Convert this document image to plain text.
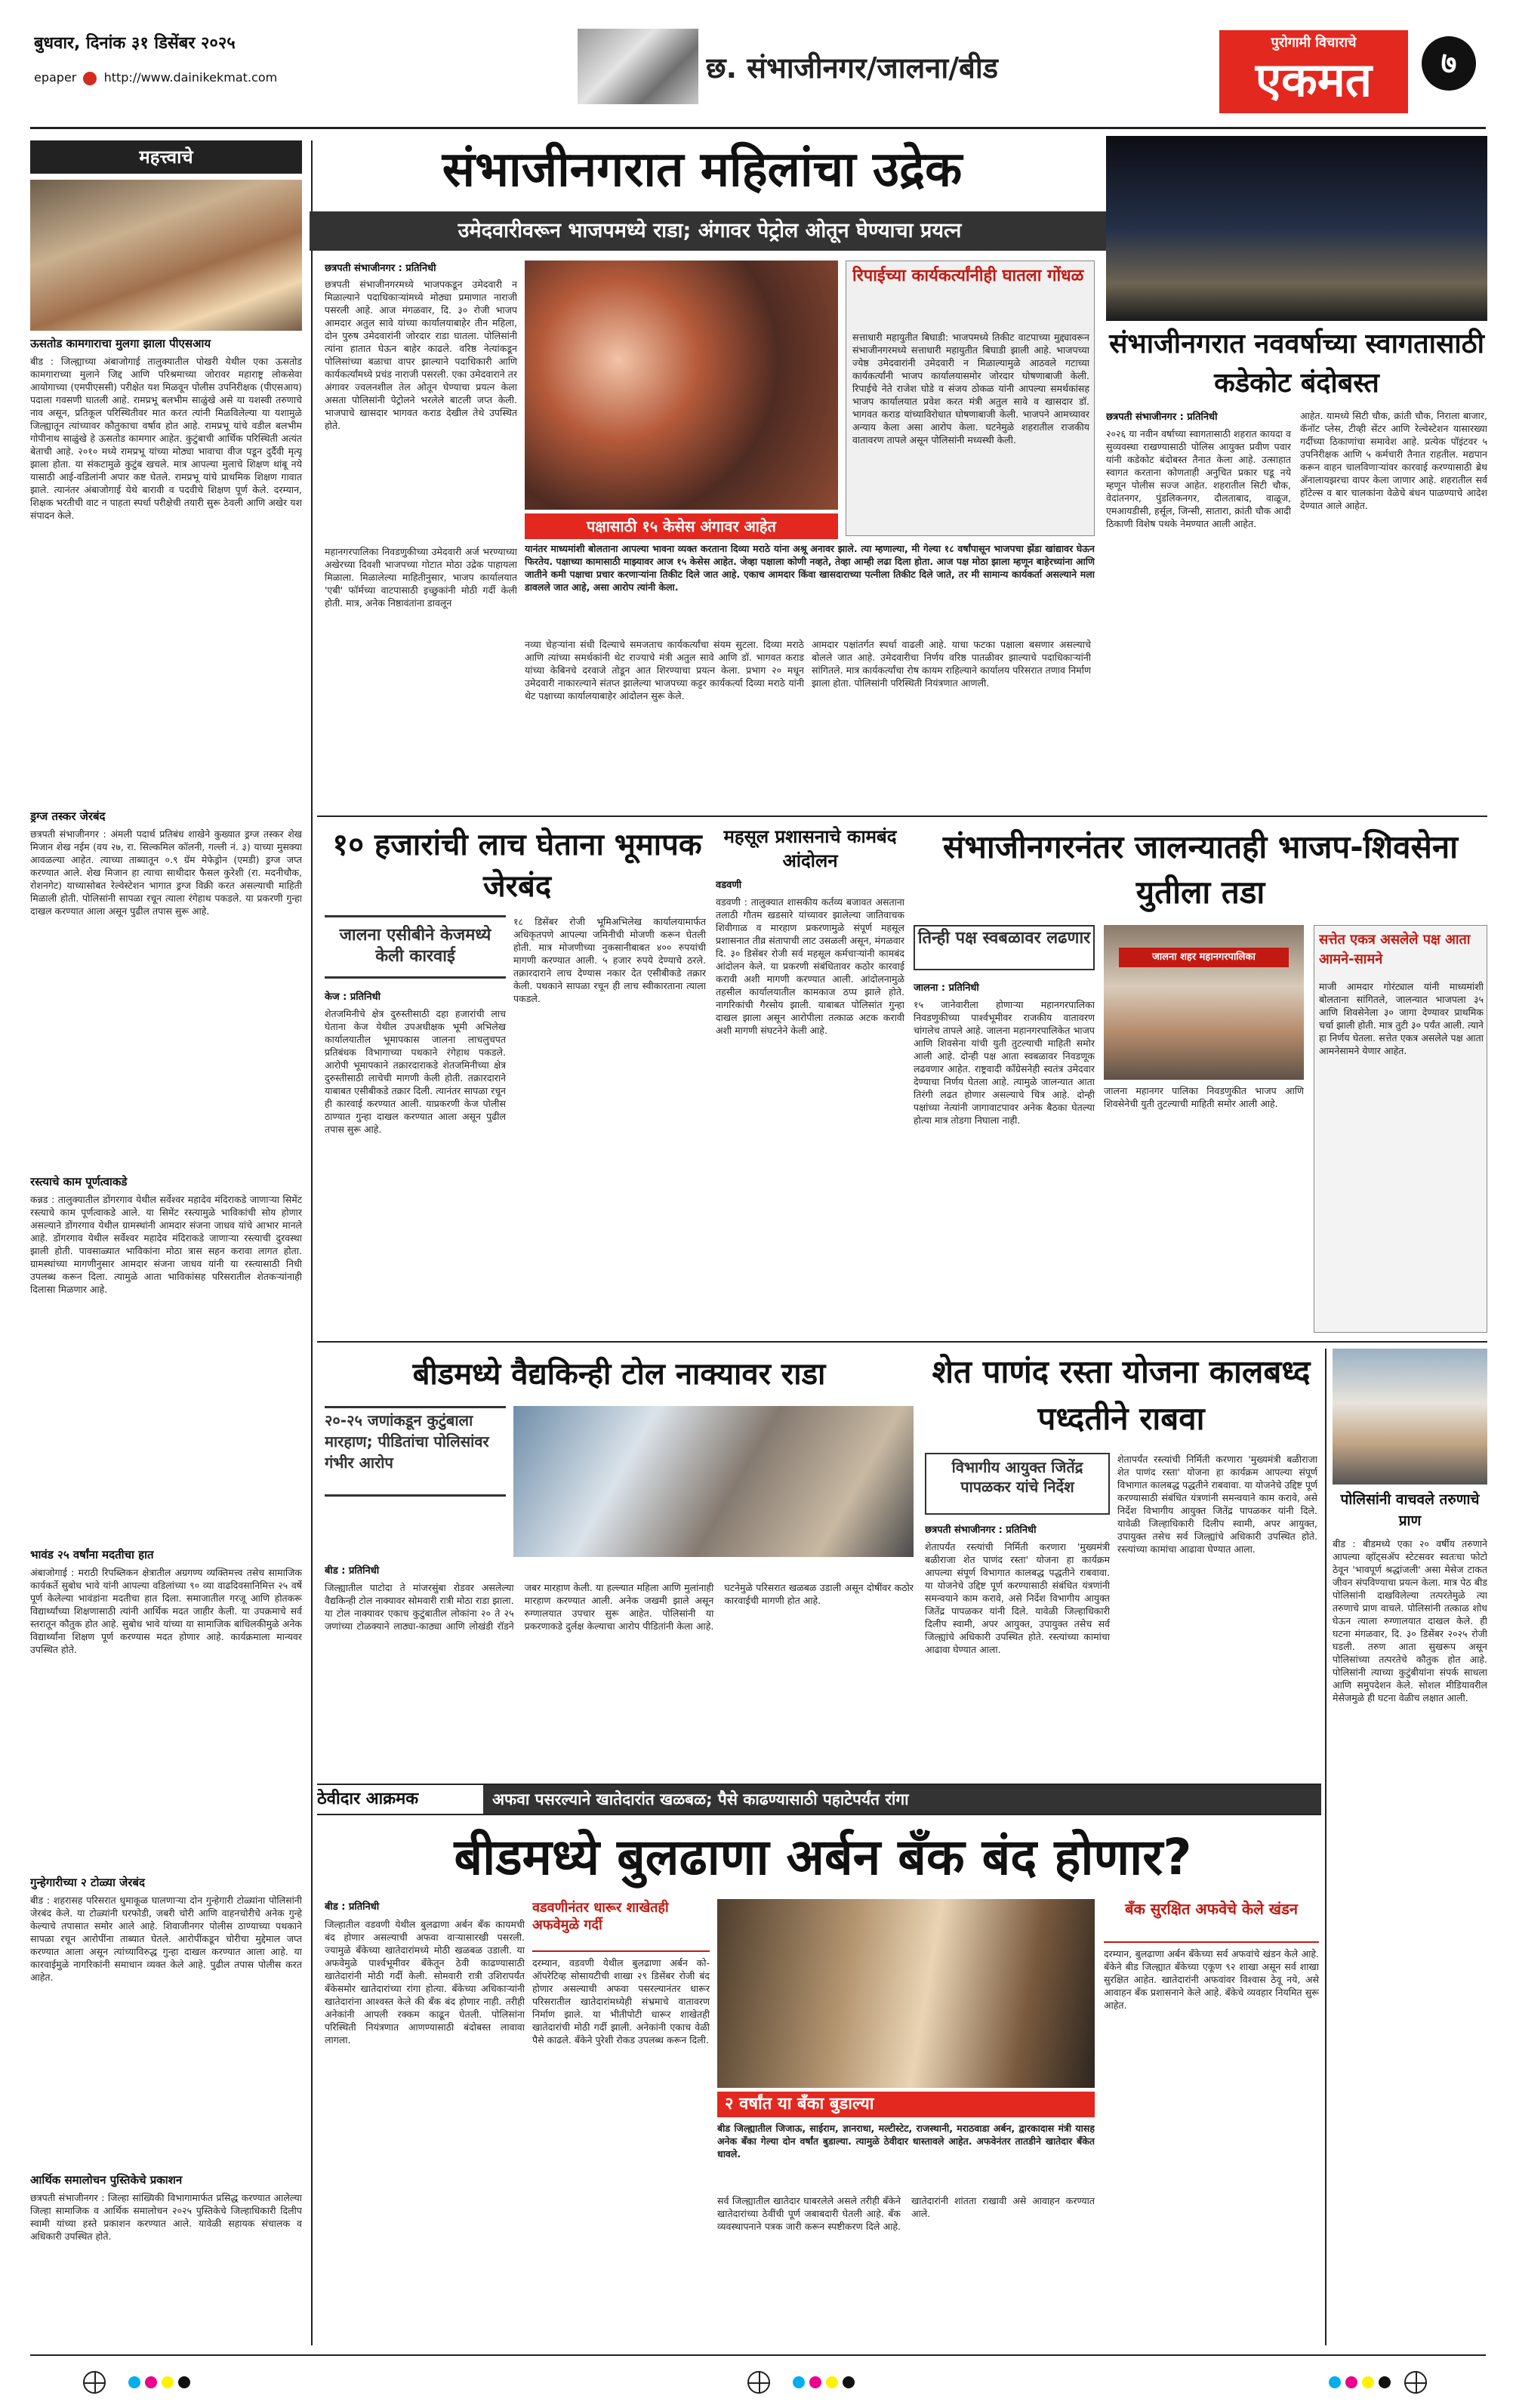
बुधवार, दिनांक ३१ डिसेंबर २०२५
epaper http://www.dainikekmat.com	छ. संभाजीनगर/जालना/बीड
पुरोगामी विचाराचे
एकमत	७
महत्त्वाचे
ऊसतोड कामगाराचा मुलगा झाला पीएसआय
बीड : जिल्ह्याच्या अंबाजोगाई तालुक्यातील पोखरी येथील एका ऊसतोड कामगाराच्या मुलाने जिद्द आणि परिश्रमाच्या जोरावर महाराष्ट्र लोकसेवा आयोगाच्या (एमपीएससी) परीक्षेत यश मिळवून पोलीस उपनिरीक्षक (पीएसआय) पदाला गवसणी घातली आहे. रामप्रभू बलभीम साळुंखे असे या यशस्वी तरुणाचे नाव असून, प्रतिकूल परिस्थितीवर मात करत त्यांनी मिळविलेल्या या यशामुळे जिल्ह्यातून त्यांच्यावर कौतुकाचा वर्षाव होत आहे. रामप्रभू यांचे वडील बलभीम गोपीनाथ साळुंखे हे ऊसतोड कामगार आहेत. कुटुंबाची आर्थिक परिस्थिती अत्यंत बेताची आहे. २०१० मध्ये रामप्रभू यांच्या मोठ्या भावाचा वीज पडून दुर्दैवी मृत्यू झाला होता. या संकटामुळे कुटुंब खचले. मात्र आपल्या मुलाचे शिक्षण थांबू नये यासाठी आई-वडिलांनी अपार कष्ट घेतले. रामप्रभू यांचे प्राथमिक शिक्षण गावात झाले. त्यानंतर अंबाजोगाई येथे बारावी व पदवीचे शिक्षण पूर्ण केले. दरम्यान, शिक्षक भरतीची वाट न पाहता स्पर्धा परीक्षेची तयारी सुरू ठेवली आणि अखेर यश संपादन केले.
ड्रग्ज तस्कर जेरबंद
छत्रपती संभाजीनगर : अंमली पदार्थ प्रतिबंध शाखेने कुख्यात ड्रग्ज तस्कर शेख मिजान शेख नईम (वय २७, रा. सिल्कमिल कॉलनी, गल्ली नं. ३) याच्या मुसक्या आवळल्या आहेत. त्याच्या ताब्यातून ०.९ ग्रॅम मेफेड्रोन (एमडी) ड्रग्ज जप्त करण्यात आले. शेख मिजान हा त्याचा साथीदार फैसल कुरेशी (रा. मदनीचौक, रोशनगेट) याच्यासोबत रेल्वेस्टेशन भागात ड्रग्ज विक्री करत असल्याची माहिती मिळाली होती. पोलिसांनी सापळा रचून त्याला रंगेहाथ पकडले. या प्रकरणी गुन्हा दाखल करण्यात आला असून पुढील तपास सुरू आहे.
रस्त्याचे काम पूर्णत्वाकडे
कन्नड : तालुक्यातील डोंगरगाव येथील सर्वेश्वर महादेव मंदिराकडे जाणाऱ्या सिमेंट रस्त्याचे काम पूर्णत्वाकडे आले. या सिमेंट रस्त्यामुळे भाविकांची सोय होणार असल्याने डोंगरगाव येथील ग्रामस्थांनी आमदार संजना जाधव यांचे आभार मानले आहे. डोंगरगाव येथील सर्वेश्वर महादेव मंदिराकडे जाणाऱ्या रस्त्याची दुरवस्था झाली होती. पावसाळ्यात भाविकांना मोठा त्रास सहन करावा लागत होता. ग्रामस्थांच्या मागणीनुसार आमदार संजना जाधव यांनी या रस्त्यासाठी निधी उपलब्ध करून दिला. त्यामुळे आता भाविकांसह परिसरातील शेतकऱ्यांनाही दिलासा मिळणार आहे.
भावंड २५ वर्षांना मदतीचा हात
अंबाजोगाई : मराठी रिपब्लिकन क्षेत्रातील अग्रगण्य व्यक्तिमत्त्व तसेच सामाजिक कार्यकर्ते सुबोध भावे यांनी आपल्या वडिलांच्या ९० व्या वाढदिवसानिमित्त २५ वर्षे पूर्ण केलेल्या भावंडांना मदतीचा हात दिला. समाजातील गरजू आणि होतकरू विद्यार्थ्यांच्या शिक्षणासाठी त्यांनी आर्थिक मदत जाहीर केली. या उपक्रमाचे सर्व स्तरातून कौतुक होत आहे. सुबोध भावे यांच्या या सामाजिक बांधिलकीमुळे अनेक विद्यार्थ्यांना शिक्षण पूर्ण करण्यास मदत होणार आहे. कार्यक्रमाला मान्यवर उपस्थित होते.
गुन्हेगारीच्या २ टोळ्या जेरबंद
बीड : शहरासह परिसरात धुमाकूळ घालणाऱ्या दोन गुन्हेगारी टोळ्यांना पोलिसांनी जेरबंद केले. या टोळ्यांनी घरफोडी, जबरी चोरी आणि वाहनचोरीचे अनेक गुन्हे केल्याचे तपासात समोर आले आहे. शिवाजीनगर पोलीस ठाण्याच्या पथकाने सापळा रचून आरोपींना ताब्यात घेतले. आरोपींकडून चोरीचा मुद्देमाल जप्त करण्यात आला असून त्यांच्याविरुद्ध गुन्हा दाखल करण्यात आला आहे. या कारवाईमुळे नागरिकांनी समाधान व्यक्त केले आहे. पुढील तपास पोलीस करत आहेत.
आर्थिक समालोचन पुस्तिकेचे प्रकाशन
छत्रपती संभाजीनगर : जिल्हा सांख्यिकी विभागामार्फत प्रसिद्ध करण्यात आलेल्या जिल्हा सामाजिक व आर्थिक समालोचन २०२५ पुस्तिकेचे जिल्हाधिकारी दिलीप स्वामी यांच्या हस्ते प्रकाशन करण्यात आले. यावेळी सहायक संचालक व अधिकारी उपस्थित होते.
संभाजीनगरात महिलांचा उद्रेक
उमेदवारीवरून भाजपमध्ये राडा; अंगावर पेट्रोल ओतून घेण्याचा प्रयत्न
छत्रपती संभाजीनगर : प्रतिनिधी
छत्रपती संभाजीनगरमध्ये भाजपकडून उमेदवारी न मिळाल्याने पदाधिकाऱ्यांमध्ये मोठ्या प्रमाणात नाराजी पसरली आहे. आज मंगळवार, दि. ३० रोजी भाजप आमदार अतुल सावे यांच्या कार्यालयाबाहेर तीन महिला, दोन पुरुष उमेदवारांनी जोरदार राडा घातला. पोलिसांनी त्यांना हातात घेऊन बाहेर काढले. वरिष्ठ नेत्यांकडून पोलिसांच्या बळाचा वापर झाल्याने पदाधिकारी आणि कार्यकर्त्यांमध्ये प्रचंड नाराजी पसरली. एका उमेदवाराने तर अंगावर ज्वलनशील तेल ओतून घेण्याचा प्रयत्न केला असता पोलिसांनी पेट्रोलने भरलेले बाटली जप्त केली. भाजपाचे खासदार भागवत कराड देखील तेथे उपस्थित होते.
महानगरपालिका निवडणुकीच्या उमेदवारी अर्ज भरण्याच्या अखेरच्या दिवशी भाजपच्या गोटात मोठा उद्रेक पाहायला मिळाला. मिळालेल्या माहितीनुसार, भाजप कार्यालयात 'एबी' फॉर्मच्या वाटपासाठी इच्छुकांनी मोठी गर्दी केली होती. मात्र, अनेक निष्ठावंतांना डावलून
पक्षासाठी १५ केसेस अंगावर आहेत
यानंतर माध्यमांशी बोलताना आपल्या भावना व्यक्त करताना दिव्या मराठे यांना अश्रू अनावर झाले. त्या म्हणाल्या, मी गेल्या १८ वर्षांपासून भाजपचा झेंडा खांद्यावर घेऊन फिरतेय. पक्षाच्या कामासाठी माझ्यावर आज १५ केसेस आहेत. जेव्हा पक्षाला कोणी नव्हते, तेव्हा आम्ही लढा दिला होता. आज पक्ष मोठा झाला म्हणून बाहेरच्यांना आणि जातीने कमी पक्षाचा प्रचार करणाऱ्यांना तिकीट दिले जात आहे. एकाच आमदार किंवा खासदाराच्या पत्नीला तिकीट दिले जाते, तर मी सामान्य कार्यकर्ता असल्याने मला डावलले जात आहे, असा आरोप त्यांनी केला.
नव्या चेहऱ्यांना संधी दिल्याचे समजताच कार्यकर्त्यांचा संयम सुटला. दिव्या मराठे आणि त्यांच्या समर्थकांनी थेट राज्याचे मंत्री अतुल सावे आणि डॉ. भागवत कराड यांच्या केबिनचे दरवाजे तोडून आत शिरण्याचा प्रयत्न केला. प्रभाग २० मधून उमेदवारी नाकारल्याने संतप्त झालेल्या भाजपच्या कट्टर कार्यकर्त्या दिव्या मराठे यांनी थेट पक्षाच्या कार्यालयाबाहेर आंदोलन सुरू केले.
आमदार पक्षांतर्गत स्पर्धा वाढली आहे. याचा फटका पक्षाला बसणार असल्याचे बोलले जात आहे. उमेदवारीचा निर्णय वरिष्ठ पातळीवर झाल्याचे पदाधिकाऱ्यांनी सांगितले. मात्र कार्यकर्त्यांचा रोष कायम राहिल्याने कार्यालय परिसरात तणाव निर्माण झाला होता. पोलिसांनी परिस्थिती नियंत्रणात आणली.
रिपाईच्या कार्यकर्त्यांनीही घातला गोंधळ
सत्ताधारी महायुतीत बिघाडी: भाजपमध्ये तिकीट वाटपाच्या मुद्द्यावरून संभाजीनगरमध्ये सत्ताधारी महायुतीत बिघाडी झाली आहे. भाजपच्या ज्येष्ठ उमेदवारांनी उमेदवारी न मिळाल्यामुळे आठवले गटाच्या कार्यकर्त्यांनी भाजप कार्यालयासमोर जोरदार घोषणाबाजी केली. रिपाईचे नेते राजेश घोडे व संजय ठोकळ यांनी आपल्या समर्थकांसह भाजप कार्यालयात प्रवेश करत मंत्री अतुल सावे व खासदार डॉ. भागवत कराड यांच्याविरोधात घोषणाबाजी केली. भाजपने आमच्यावर अन्याय केला असा आरोप केला. घटनेमुळे शहरातील राजकीय वातावरण तापले असून पोलिसांनी मध्यस्थी केली.
संभाजीनगरात नववर्षाच्या स्वागतासाठी कडेकोट बंदोबस्त
छत्रपती संभाजीनगर : प्रतिनिधी
२०२६ या नवीन वर्षाच्या स्वागतासाठी शहरात कायदा व सुव्यवस्था राखण्यासाठी पोलिस आयुक्त प्रवीण पवार यांनी कडेकोट बंदोबस्त तैनात केला आहे. उत्साहात स्वागत करताना कोणताही अनुचित प्रकार घडू नये म्हणून पोलीस सज्ज आहेत. शहरातील सिटी चौक, वेदांतनगर, पुंडलिकनगर, दौलताबाद, वाळूज, एमआयडीसी, हर्सूल, जिन्सी, सातारा, क्रांती चौक आदी ठिकाणी विशेष पथके नेमण्यात आली आहेत.
आहेत. यामध्ये सिटी चौक, क्रांती चौक, निराला बाजार, कॅनॉट प्लेस, टीव्ही सेंटर आणि रेल्वेस्टेशन यासारख्या गर्दीच्या ठिकाणांचा समावेश आहे. प्रत्येक पॉइंटवर ५ उपनिरीक्षक आणि ५ कर्मचारी तैनात राहतील. मद्यपान करून वाहन चालविणाऱ्यांवर कारवाई करण्यासाठी ब्रेथ ॲनालायझरचा वापर केला जाणार आहे. शहरातील सर्व हॉटेल्स व बार चालकांना वेळेचे बंधन पाळण्याचे आदेश देण्यात आले आहेत.
१० हजारांची लाच घेताना भूमापक जेरबंद
जालना एसीबीने केजमध्ये केली कारवाई
केज : प्रतिनिधी
शेतजमिनीचे क्षेत्र दुरुस्तीसाठी दहा हजारांची लाच घेताना केज येथील उपअधीक्षक भूमी अभिलेख कार्यालयातील भूमापकास जालना लाचलुचपत प्रतिबंधक विभागाच्या पथकाने रंगेहाथ पकडले. आरोपी भूमापकाने तक्रारदाराकडे शेतजमिनीच्या क्षेत्र दुरुस्तीसाठी लाचेची मागणी केली होती. तक्रारदाराने याबाबत एसीबीकडे तक्रार दिली. त्यानंतर सापळा रचून ही कारवाई करण्यात आली. याप्रकरणी केज पोलीस ठाण्यात गुन्हा दाखल करण्यात आला असून पुढील तपास सुरू आहे.
१८ डिसेंबर रोजी भूमिअभिलेख कार्यालयामार्फत अधिकृतपणे आपल्या जमिनीची मोजणी करून घेतली होती. मात्र मोजणीच्या नुकसानीबाबत ४०० रुपयांची मागणी करण्यात आली. ५ हजार रुपये देण्याचे ठरले. तक्रारदाराने लाच देण्यास नकार देत एसीबीकडे तक्रार केली. पथकाने सापळा रचून ही लाच स्वीकारताना त्याला पकडले.
महसूल प्रशासनाचे कामबंद आंदोलन
वडवणी
वडवणी : तालुक्यात शासकीय कर्तव्य बजावत असताना तलाठी गौतम खडसारे यांच्यावर झालेल्या जातिवाचक शिवीगाळ व मारहाण प्रकरणामुळे संपूर्ण महसूल प्रशासनात तीव्र संतापाची लाट उसळली असून, मंगळवार दि. ३० डिसेंबर रोजी सर्व महसूल कर्मचाऱ्यांनी कामबंद आंदोलन केले. या प्रकरणी संबंधितावर कठोर कारवाई करावी अशी मागणी करण्यात आली. आंदोलनामुळे तहसील कार्यालयातील कामकाज ठप्प झाले होते. नागरिकांची गैरसोय झाली. याबाबत पोलिसांत गुन्हा दाखल झाला असून आरोपीला तत्काळ अटक करावी अशी मागणी संघटनेने केली आहे.
संभाजीनगरनंतर जालन्यातही भाजप-शिवसेना युतीला तडा
तिन्ही पक्ष स्वबळावर लढणार
जालना : प्रतिनिधी
१५ जानेवारीला होणाऱ्या महानगरपालिका निवडणुकीच्या पार्श्वभूमीवर राजकीय वातावरण चांगलेच तापले आहे. जालना महानगरपालिकेत भाजप आणि शिवसेना यांची युती तुटल्याची माहिती समोर आली आहे. दोन्ही पक्ष आता स्वबळावर निवडणूक लढवणार आहेत. राष्ट्रवादी काँग्रेसनेही स्वतंत्र उमेदवार देण्याचा निर्णय घेतला आहे. त्यामुळे जालन्यात आता तिरंगी लढत होणार असल्याचे चित्र आहे. दोन्ही पक्षांच्या नेत्यांनी जागावाटपावर अनेक बैठका घेतल्या होत्या मात्र तोडगा निघाला नाही.
जालना शहर महानगरपालिका
जालना महानगर पालिका निवडणुकीत भाजप आणि शिवसेनेची युती तुटल्याची माहिती समोर आली आहे.
सत्तेत एकत्र असलेले पक्ष आता आमने-सामने
माजी आमदार गोरंट्याल यांनी माध्यमांशी बोलताना सांगितले, जालन्यात भाजपला ३५ आणि शिवसेनेला ३० जागा देण्यावर प्राथमिक चर्चा झाली होती. मात्र तुटी ३० पर्यंत आली. त्याने हा निर्णय घेतला. सत्तेत एकत्र असलेले पक्ष आता आमनेसामने येणार आहेत.
बीडमध्ये वैद्यकिन्ही टोल नाक्यावर राडा
२०-२५ जणांकडून कुटुंबाला मारहाण; पीडितांचा पोलिसांवर गंभीर आरोप
बीड : प्रतिनिधी
जिल्ह्यातील पाटोदा ते मांजरसुंबा रोडवर असलेल्या वैद्यकिन्ही टोल नाक्यावर सोमवारी रात्री मोठा राडा झाला. या टोल नाक्यावर एकाच कुटुंबातील लोकांना २० ते २५ जणांच्या टोळक्याने लाठ्या-काठ्या आणि लोखंडी रॉडने जबर मारहाण केली. या हल्ल्यात महिला आणि मुलांनाही मारहाण करण्यात आली. अनेक जखमी झाले असून रुग्णालयात उपचार सुरू आहेत. पोलिसांनी या प्रकरणाकडे दुर्लक्ष केल्याचा आरोप पीडितांनी केला आहे. घटनेमुळे परिसरात खळबळ उडाली असून दोषींवर कठोर कारवाईची मागणी होत आहे.
शेत पाणंद रस्ता योजना कालबध्द पध्दतीने राबवा
विभागीय आयुक्त जितेंद्र पापळकर यांचे निर्देश
छत्रपती संभाजीनगर : प्रतिनिधी
शेतापर्यंत रस्त्यांची निर्मिती करणारा 'मुख्यमंत्री बळीराजा शेत पाणंद रस्ता' योजना हा कार्यक्रम आपल्या संपूर्ण विभागात कालबद्ध पद्धतीने राबवावा. या योजनेचे उद्दिष्ट पूर्ण करण्यासाठी संबंधित यंत्रणांनी समन्वयाने काम करावे, असे निर्देश विभागीय आयुक्त जितेंद्र पापळकर यांनी दिले. यावेळी जिल्हाधिकारी दिलीप स्वामी, अपर आयुक्त, उपायुक्त तसेच सर्व जिल्ह्यांचे अधिकारी उपस्थित होते. रस्त्यांच्या कामांचा आढावा घेण्यात आला.
शेतापर्यंत रस्त्यांची निर्मिती करणारा 'मुख्यमंत्री बळीराजा शेत पाणंद रस्ता' योजना हा कार्यक्रम आपल्या संपूर्ण विभागात कालबद्ध पद्धतीने राबवावा. या योजनेचे उद्दिष्ट पूर्ण करण्यासाठी संबंधित यंत्रणांनी समन्वयाने काम करावे, असे निर्देश विभागीय आयुक्त जितेंद्र पापळकर यांनी दिले. यावेळी जिल्हाधिकारी दिलीप स्वामी, अपर आयुक्त, उपायुक्त तसेच सर्व जिल्ह्यांचे अधिकारी उपस्थित होते. रस्त्यांच्या कामांचा आढावा घेण्यात आला.
पोलिसांनी वाचवले तरुणाचे प्राण
बीड : बीडमध्ये एका २० वर्षीय तरुणाने आपल्या व्हॉट्सॲप स्टेटसवर स्वतःचा फोटो ठेवून 'भावपूर्ण श्रद्धांजली' असा मेसेज टाकत जीवन संपविण्याचा प्रयत्न केला. मात्र पेठ बीड पोलिसांनी दाखविलेल्या तत्परतेमुळे त्या तरुणाचे प्राण वाचले. पोलिसांनी तत्काळ शोध घेऊन त्याला रुग्णालयात दाखल केले. ही घटना मंगळवार, दि. ३० डिसेंबर २०२५ रोजी घडली. तरुण आता सुखरूप असून पोलिसांच्या तत्परतेचे कौतुक होत आहे. पोलिसांनी त्याच्या कुटुंबीयांना संपर्क साधला आणि समुपदेशन केले. सोशल मीडियावरील मेसेजमुळे ही घटना वेळीच लक्षात आली.
ठेवीदार आक्रमक	अफवा पसरल्याने खातेदारांत खळबळ; पैसे काढण्यासाठी पहाटेपर्यंत रांगा
बीडमध्ये बुलढाणा अर्बन बँक बंद होणार?
बीड : प्रतिनिधी
जिल्हातील वडवणी येथील बुलढाणा अर्बन बँक कायमची बंद होणार असल्याची अफवा वाऱ्यासारखी पसरली. ज्यामुळे बँकेच्या खातेदारांमध्ये मोठी खळबळ उडाली. या अफवेमुळे पार्श्वभूमीवर बँकेतून ठेवी काढण्यासाठी खातेदारांनी मोठी गर्दी केली. सोमवारी रात्री उशिरापर्यंत बँकेसमोर खातेदारांच्या रांगा होत्या. बँकेच्या अधिकाऱ्यांनी खातेदारांना आश्वस्त केले की बँक बंद होणार नाही. तरीही अनेकांनी आपली रक्कम काढून घेतली. पोलिसांना परिस्थिती नियंत्रणात आणण्यासाठी बंदोबस्त लावावा लागला.
वडवणीनंतर धारूर शाखेतही अफवेमुळे गर्दी
दरम्यान, वडवणी येथील बुलढाणा अर्बन को-ऑपरेटिव्ह सोसायटीची शाखा २९ डिसेंबर रोजी बंद होणार असल्याची अफवा पसरल्यानंतर धारूर परिसरातील खातेदारांमध्येही संभ्रमाचे वातावरण निर्माण झाले. या भीतीपोटी धारूर शाखेतही खातेदारांची मोठी गर्दी झाली. अनेकांनी एकाच वेळी पैसे काढले. बँकेने पुरेशी रोकड उपलब्ध करून दिली.
२ वर्षांत या बँका बुडाल्या
बीड जिल्ह्यातील जिजाऊ, साईराम, ज्ञानराधा, मल्टीस्टेट, राजस्थानी, मराठवाडा अर्बन, द्वारकादास मंत्री यासह अनेक बँका गेल्या दोन वर्षांत बुडाल्या. त्यामुळे ठेवीदार धास्तावले आहेत. अफवेनंतर तातडीने खातेदार बँकेत धावले.
सर्व जिल्ह्यातील खातेदार घाबरलेले असले तरीही बँकेने खातेदारांच्या ठेवींची पूर्ण जबाबदारी घेतली आहे. बँक व्यवस्थापनाने पत्रक जारी करून स्पष्टीकरण दिले आहे. खातेदारांनी शांतता राखावी असे आवाहन करण्यात आले.
बँक सुरक्षित अफवेचे केले खंडन
दरम्यान, बुलढाणा अर्बन बँकेच्या सर्व अफवांचे खंडन केले आहे. बँकेने बीड जिल्ह्यात बँकेच्या एकूण ९२ शाखा असून सर्व शाखा सुरक्षित आहेत. खातेदारांनी अफवांवर विश्वास ठेवू नये, असे आवाहन बँक प्रशासनाने केले आहे. बँकेचे व्यवहार नियमित सुरू आहेत.
